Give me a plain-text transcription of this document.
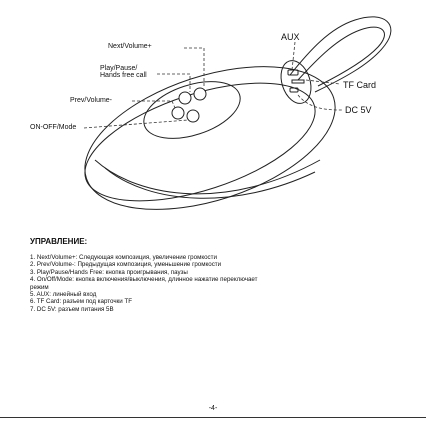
Next/Volume+
Play/Pause/
Hands free call
Prev/Volume-
ON-OFF/Mode
AUX
TF Card
DC 5V
УПРАВЛЕНИЕ:
1. Next/Volume+: Следующая композиция, увеличение громкости
2. Prev/Volume-: Предыдущая композиция, уменьшение громкости
3. Play/Pause/Hands Free: кнопка проигрывания, паузы
4. On/Off/Mode: кнопка включения/выключения, длинное нажатие переключает
режим
5. AUX: линейный вход
6. TF Card: разъем под карточки TF
7. DC 5V: разъем питания 5В
-4-
